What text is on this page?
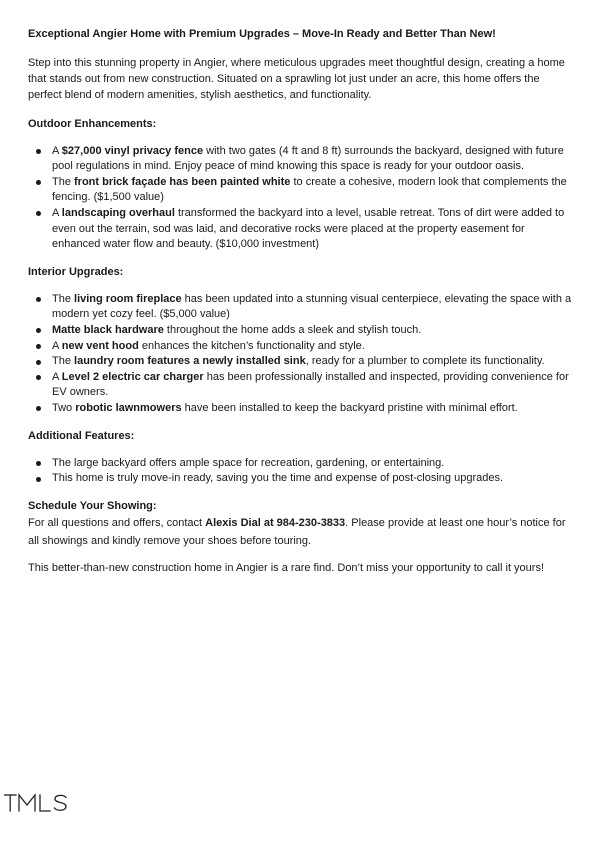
Exceptional Angier Home with Premium Upgrades – Move-In Ready and Better Than New!

Step into this stunning property in Angier, where meticulous upgrades meet thoughtful design, creating a home that stands out from new construction. Situated on a sprawling lot just under an acre, this home offers the perfect blend of modern amenities, stylish aesthetics, and functionality.

Outdoor Enhancements:
A $27,000 vinyl privacy fence with two gates (4 ft and 8 ft) surrounds the backyard, designed with future pool regulations in mind. Enjoy peace of mind knowing this space is ready for your outdoor oasis.
The front brick façade has been painted white to create a cohesive, modern look that complements the fencing. ($1,500 value)
A landscaping overhaul transformed the backyard into a level, usable retreat. Tons of dirt were added to even out the terrain, sod was laid, and decorative rocks were placed at the property easement for enhanced water flow and beauty. ($10,000 investment)
Interior Upgrades:
The living room fireplace has been updated into a stunning visual centerpiece, elevating the space with a modern yet cozy feel. ($5,000 value)
Matte black hardware throughout the home adds a sleek and stylish touch.
A new vent hood enhances the kitchen’s functionality and style.
The laundry room features a newly installed sink, ready for a plumber to complete its functionality.
A Level 2 electric car charger has been professionally installed and inspected, providing convenience for EV owners.
Two robotic lawnmowers have been installed to keep the backyard pristine with minimal effort.
Additional Features:
The large backyard offers ample space for recreation, gardening, or entertaining.
This home is truly move-in ready, saving you the time and expense of post-closing upgrades.
Schedule Your Showing:

For all questions and offers, contact Alexis Dial at 984-230-3833. Please provide at least one hour’s notice for all showings and kindly remove your shoes before touring.

This better-than-new construction home in Angier is a rare find. Don’t miss your opportunity to call it yours!
